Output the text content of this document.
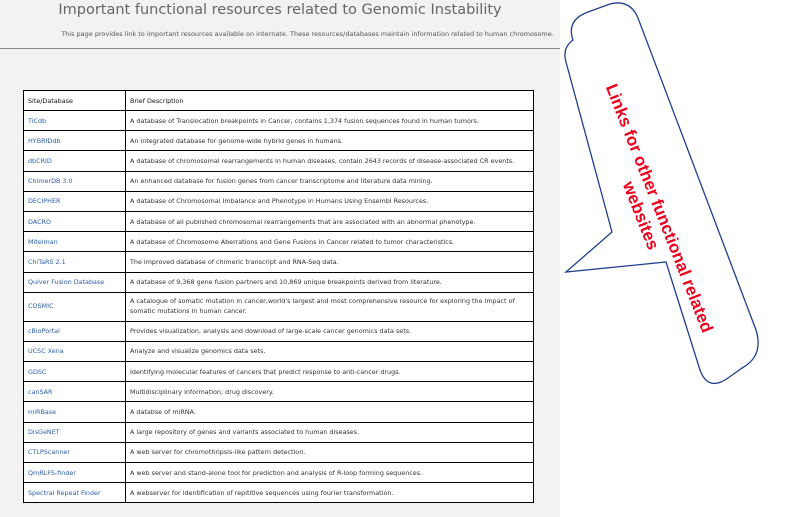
Important functional resources related to Genomic Instability
This page provides link to important resources available on internate. These resources/databases maintain information related to human chromosome.
Site/Database	Brief Description
TiCdb	A database of Translocation breakpoints in Cancer, contains 1,374 fusion sequences found in human tumors.
HYBRIDdb	An integrated database for genome-wide hybrid genes in humans.
dbCRID	A database of chromosomal rearrangements in human diseases, contain 2643 records of disease-associated CR events.
ChimerDB 3.0	An enhanced database for fusion genes from cancer transcriptome and literature data mining.
DECIPHER	A database of Chromosomal Imbalance and Phenotype in Humans Using Ensembl Resources.
DACRO	A database of all published chromosomal rearrangements that are associated with an abnormal phenotype.
Mitelman	A database of Chromosome Aberrations and Gene Fusions in Cancer related to tumor characteristics.
ChiTaRS 2.1	The improved database of chimeric transcript and RNA-Seq data.
Quiver Fusion Database	A database of 9,368 gene fusion partners and 10,869 unique breakpoints derived from literature.
COSMIC	A catalogue of somatic mutation in cancer,world's largest and most comprehensive resource for exploring the impact of somatic mutations in human cancer.
cBioPortal	Provides visualization, analysis and download of large-scale cancer genomics data sets.
UCSC Xena	Analyze and visualize genomics data sets.
GDSC	Identifying molecular features of cancers that predict response to anti-cancer drugs.
canSAR	Multidisciplinary information; drug discovery.
miRBase	A databse of miRNA.
DisGeNET	A large repository of genes and variants associated to human diseases.
CTLPScanner	A web server for chromothripsis-like pattern detection.
QmRLFS-finder	A web server and stand-alone tool for prediction and analysis of R-loop forming sequences.
Spectral Repeat Finder	A webserver for identification of repititive sequences using fourier transformation.
Links for other functional related websites
